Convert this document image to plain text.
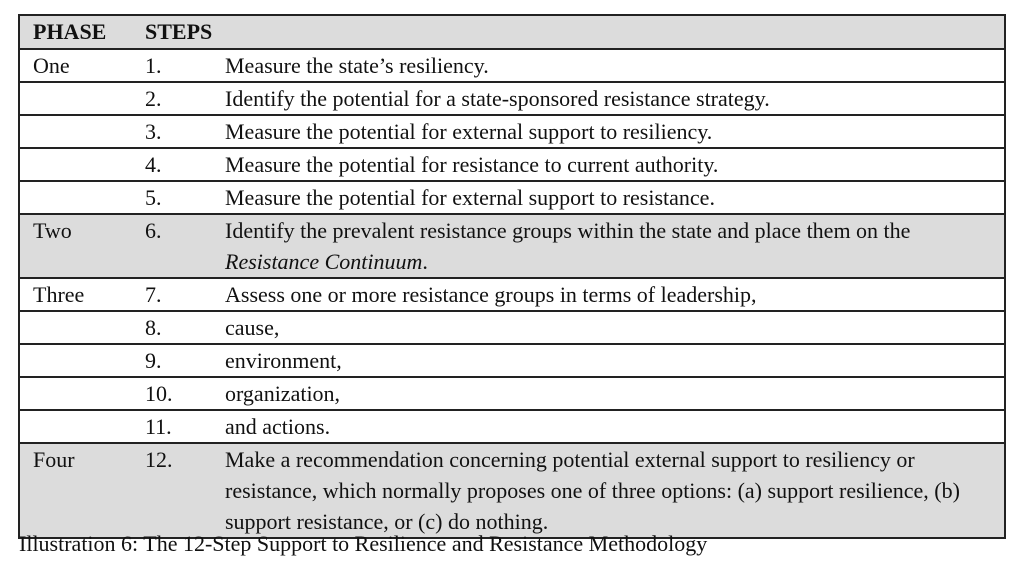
PHASE	STEPS	
One	1.	Measure the state’s resiliency.
	2.	Identify the potential for a state-sponsored resistance strategy.
	3.	Measure the potential for external support to resiliency.
	4.	Measure the potential for resistance to current authority.
	5.	Measure the potential for external support to resistance.
Two	6.	Identify the prevalent resistance groups within the state and place them on the Resistance Continuum.
Three	7.	Assess one or more resistance groups in terms of leadership,
	8.	cause,
	9.	environment,
	10.	organization,
	11.	and actions.
Four	12.	Make a recommendation concerning potential external support to resiliency or resistance, which normally proposes one of three options: (a) support resilience, (b) support resistance, or (c) do nothing.
Illustration 6: The 12-Step Support to Resilience and Resistance Methodology
